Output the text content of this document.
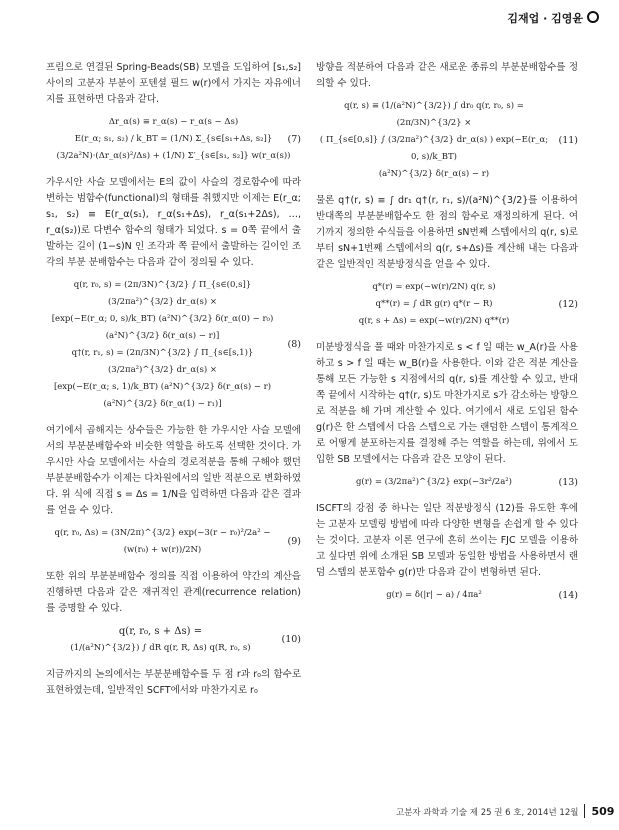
김재업 · 김영윤

프림으로 연결된 Spring-Beads(SB) 모델을 도입하여 [s₁,s₂] 사이의 고분자 부분이 포텐셜 필드 w(r)에서 가지는 자유에너지를 표현하면 다음과 같다.

Δr_α(s) ≡ r_α(s) − r_α(s − Δs)
E(r_α; s₁, s₂) / k_BT = (1/N) Σ_{s∈[s₁+Δs, s₂]} (3/2a²N)·(Δr_α(s)²/Δs) + (1/N) Σ′_{s∈[s₁, s₂]} w(r_α(s))
(7)

가우시안 사슬 모델에서는 E의 값이 사슬의 경로함수에 따라 변하는 범함수(functional)의 형태를 취했지만 이제는 E(r_α; s₁, s₂) ≡ E(r_α(s₁), r_α(s₁+Δs), r_α(s₁+2Δs), …, r_α(s₂))로 다변수 함수의 형태가 되었다. s = 0쪽 끝에서 출발하는 길이 (1−s)N 인 조각과 쪽 끝에서 출발하는 길이인 조각의 부분 분배함수는 다음과 같이 정의될 수 있다.

q(r, r₀, s) = (2π/3N)^{3/2} ∫ Π_{s∈(0,s]} (3/2πa²)^{3/2} dr_α(s) ×
[exp(−E(r_α; 0, s)/k_BT) (a²N)^{3/2} δ(r_α(0) − r₀) (a²N)^{3/2} δ(r_α(s) − r)]
q†(r, r₁, s) = (2π/3N)^{3/2} ∫ Π_{s∈[s,1)} (3/2πa²)^{3/2} dr_α(s) ×
[exp(−E(r_α; s, 1)/k_BT) (a²N)^{3/2} δ(r_α(s) − r) (a²N)^{3/2} δ(r_α(1) − r₁)]
(8)

여기에서 곱해지는 상수들은 가능한 한 가우시안 사슬 모델에서의 부분분배함수와 비슷한 역할을 하도록 선택한 것이다. 가우시안 사슬 모델에서는 사슬의 경로적분을 통해 구해야 했던 부분분배함수가 이제는 다차원에서의 일반 적분으로 변화하였다. 위 식에 직접 s = Δs = 1/N을 입력하면 다음과 같은 결과를 얻을 수 있다.

q(r, r₀, Δs) = (3N/2π)^{3/2} exp(−3(r − r₀)²/2a² − (w(r₀) + w(r))/2N)
(9)

또한 위의 부분분배함수 정의를 직접 이용하여 약간의 계산을 진행하면 다음과 같은 재귀적인 관계(recurrence relation)를 증명할 수 있다.

q(r, r₀, s + Δs) =
(1/(a²N)^{3/2}) ∫ dR q(r, R, Δs) q(R, r₀, s)
(10)

지금까지의 논의에서는 부분분배함수를 두 점 r과 r₀의 함수로 표현하였는데, 일반적인 SCFT에서와 마찬가지로 r₀

방향을 적분하여 다음과 같은 새로운 종류의 부분분배함수를 정의할 수 있다.

q(r, s) ≡ (1/(a²N)^{3/2}) ∫ dr₀ q(r, r₀, s) = (2π/3N)^{3/2} ×
( Π_{s∈[0,s]} ∫ (3/2πa²)^{3/2} dr_α(s) ) exp(−E(r_α; 0, s)/k_BT)
(a²N)^{3/2} δ(r_α(s) − r)
(11)

물론 q†(r, s) ≡ ∫ dr₁ q†(r, r₁, s)/(a²N)^{3/2}를 이용하여 반대쪽의 부분분배함수도 한 점의 함수로 재정의하게 된다. 여기까지 정의한 수식들을 이용하면 sN번째 스텝에서의 q(r, s)로부터 sN+1번째 스텝에서의 q(r, s+Δs)를 계산해 내는 다음과 같은 일반적인 적분방정식을 얻을 수 있다.

q*(r) = exp(−w(r)/2N) q(r, s)
q**(r) = ∫ dR g(r) q*(r − R)
q(r, s + Δs) = exp(−w(r)/2N) q**(r)
(12)

미분방정식을 풀 때와 마찬가지로 s < f 일 때는 w_A(r)을 사용하고 s > f 일 때는 w_B(r)을 사용한다. 이와 같은 적분 계산을 통해 모든 가능한 s 지점에서의 q(r, s)를 계산할 수 있고, 반대쪽 끝에서 시작하는 q†(r, s)도 마찬가지로 s가 감소하는 방향으로 적분을 해 가며 계산할 수 있다. 여기에서 새로 도입된 함수 g(r)은 한 스텝에서 다음 스텝으로 가는 랜덤한 스텝이 통계적으로 어떻게 분포하는지를 결정해 주는 역할을 하는데, 위에서 도입한 SB 모델에서는 다음과 같은 모양이 된다.

g(r) = (3/2πa²)^{3/2} exp(−3r²/2a²)	(13)

ISCFT의 강점 중 하나는 일단 적분방정식 (12)를 유도한 후에는 고분자 모델링 방법에 따라 다양한 변형을 손쉽게 할 수 있다는 것이다. 고분자 이론 연구에 흔히 쓰이는 FJC 모델을 이용하고 싶다면 위에 소개된 SB 모델과 동일한 방법을 사용하면서 랜덤 스텝의 분포함수 g(r)만 다음과 같이 변형하면 된다.

g(r) = δ(|r| − a) / 4πa²	(14)
고분자 과학과 기술 제 25 권 6 호, 2014년 12월 509
